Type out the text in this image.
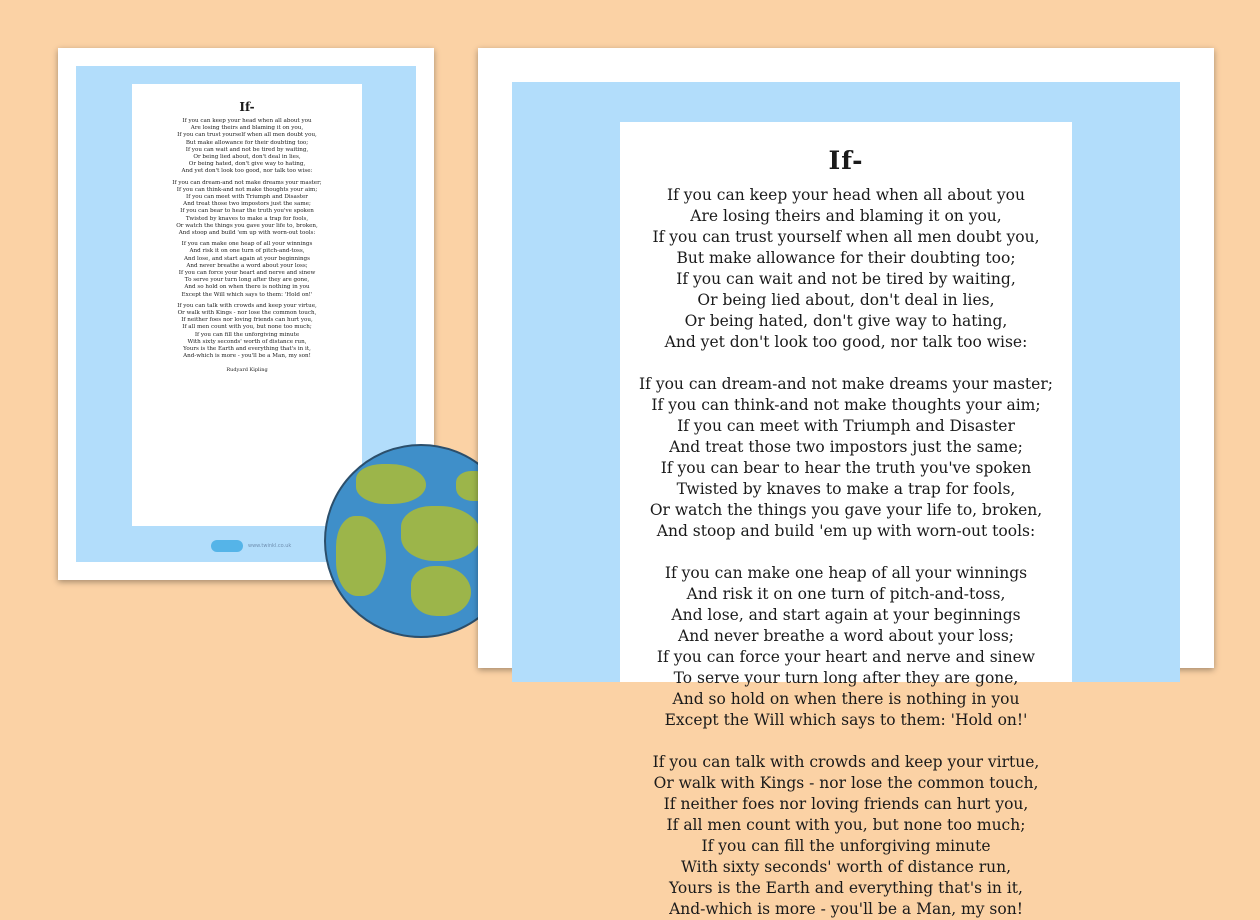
If-
If you can keep your head when all about you
Are losing theirs and blaming it on you,
If you can trust yourself when all men doubt you,
But make allowance for their doubting too;
If you can wait and not be tired by waiting,
Or being lied about, don't deal in lies,
Or being hated, don't give way to hating,
And yet don't look too good, nor talk too wise:
If you can dream-and not make dreams your master;
If you can think-and not make thoughts your aim;
If you can meet with Triumph and Disaster
And treat those two impostors just the same;
If you can bear to hear the truth you've spoken
Twisted by knaves to make a trap for fools,
Or watch the things you gave your life to, broken,
And stoop and build 'em up with worn-out tools:
If you can make one heap of all your winnings
And risk it on one turn of pitch-and-toss,
And lose, and start again at your beginnings
And never breathe a word about your loss;
If you can force your heart and nerve and sinew
To serve your turn long after they are gone,
And so hold on when there is nothing in you
Except the Will which says to them: 'Hold on!'
If you can talk with crowds and keep your virtue,
Or walk with Kings - nor lose the common touch,
If neither foes nor loving friends can hurt you,
If all men count with you, but none too much;
If you can fill the unforgiving minute
With sixty seconds' worth of distance run,
Yours is the Earth and everything that's in it,
And-which is more - you'll be a Man, my son!
Rudyard Kipling
www.twinkl.co.uk
If-
If you can keep your head when all about you
Are losing theirs and blaming it on you,
If you can trust yourself when all men doubt you,
But make allowance for their doubting too;
If you can wait and not be tired by waiting,
Or being lied about, don't deal in lies,
Or being hated, don't give way to hating,
And yet don't look too good, nor talk too wise:
If you can dream-and not make dreams your master;
If you can think-and not make thoughts your aim;
If you can meet with Triumph and Disaster
And treat those two impostors just the same;
If you can bear to hear the truth you've spoken
Twisted by knaves to make a trap for fools,
Or watch the things you gave your life to, broken,
And stoop and build 'em up with worn-out tools:
If you can make one heap of all your winnings
And risk it on one turn of pitch-and-toss,
And lose, and start again at your beginnings
And never breathe a word about your loss;
If you can force your heart and nerve and sinew
To serve your turn long after they are gone,
And so hold on when there is nothing in you
Except the Will which says to them: 'Hold on!'
If you can talk with crowds and keep your virtue,
Or walk with Kings - nor lose the common touch,
If neither foes nor loving friends can hurt you,
If all men count with you, but none too much;
If you can fill the unforgiving minute
With sixty seconds' worth of distance run,
Yours is the Earth and everything that's in it,
And-which is more - you'll be a Man, my son!
